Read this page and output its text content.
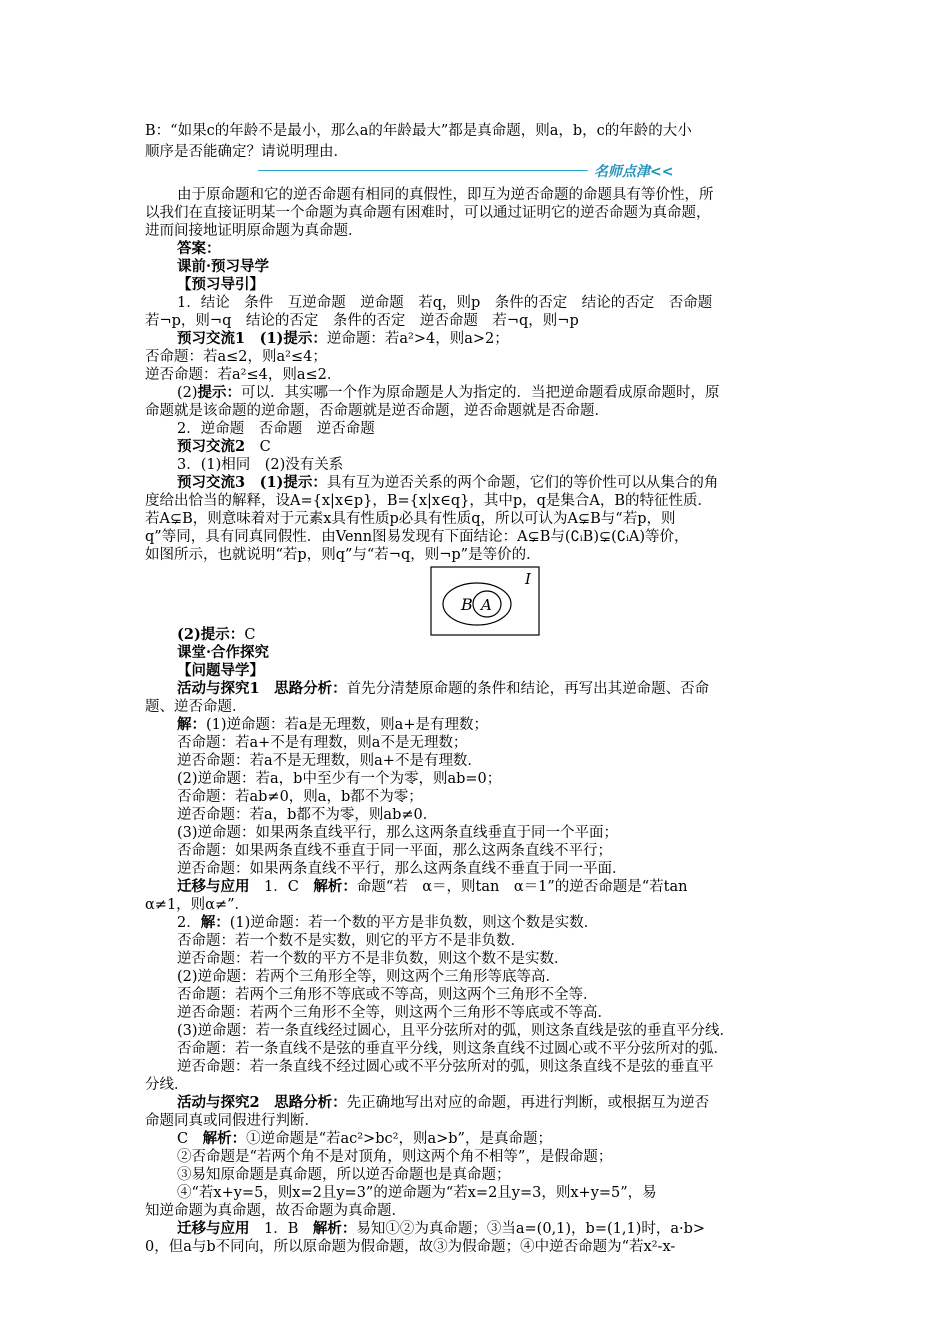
B：“如果c的年龄不是最小，那么a的年龄最大”都是真命题，则a，b，c的年龄的大小
顺序是否能确定？请说明理由．
名师点津<<
由于原命题和它的逆否命题有相同的真假性，即互为逆否命题的命题具有等价性，所
以我们在直接证明某一个命题为真命题有困难时，可以通过证明它的逆否命题为真命题，
进而间接地证明原命题为真命题．
答案：
课前·预习导学
【预习导引】
1．结论　条件　互逆命题　逆命题　若q，则p　条件的否定　结论的否定　否命题
若¬p，则¬q　结论的否定　条件的否定　逆否命题　若¬q，则¬p
预习交流1　(1)提示：逆命题：若a²>4，则a>2；
否命题：若a≤2，则a²≤4；
逆否命题：若a²≤4，则a≤2．
(2)提示：可以．其实哪一个作为原命题是人为指定的．当把逆命题看成原命题时，原
命题就是该命题的逆命题，否命题就是逆否命题，逆否命题就是否命题．
2．逆命题　否命题　逆否命题
预习交流2　C
3．(1)相同　(2)没有关系
预习交流3　(1)提示：具有互为逆否关系的两个命题，它们的等价性可以从集合的角
度给出恰当的解释，设A={x|x∈p}，B={x|x∈q}，其中p，q是集合A，B的特征性质．
若A⊊B，则意味着对于元素x具有性质p必具有性质q，所以可认为A⊊B与“若p，则
q”等同，具有同真同假性．由Venn图易发现有下面结论：A⊊B与(∁ᵢB)⊊(∁ᵢA)等价，
如图所示，也就说明“若p，则q”与“若¬q，则¬p”是等价的．
B A
I
(2)提示：C
课堂·合作探究
【问题导学】
活动与探究1　思路分析：首先分清楚原命题的条件和结论，再写出其逆命题、否命
题、逆否命题．
解：(1)逆命题：若a是无理数，则a+是有理数；
否命题：若a+不是有理数，则a不是无理数；
逆否命题：若a不是无理数，则a+不是有理数．
(2)逆命题：若a，b中至少有一个为零，则ab=0；
否命题：若ab≠0，则a，b都不为零；
逆否命题：若a，b都不为零，则ab≠0．
(3)逆命题：如果两条直线平行，那么这两条直线垂直于同一个平面；
否命题：如果两条直线不垂直于同一平面，那么这两条直线不平行；
逆否命题：如果两条直线不平行，那么这两条直线不垂直于同一平面．
迁移与应用　1．C　解析：命题“若　α＝，则tan　α＝1”的逆否命题是“若tan
α≠1，则α≠”．
2．解：(1)逆命题：若一个数的平方是非负数，则这个数是实数．
否命题：若一个数不是实数，则它的平方不是非负数．
逆否命题：若一个数的平方不是非负数，则这个数不是实数．
(2)逆命题：若两个三角形全等，则这两个三角形等底等高．
否命题：若两个三角形不等底或不等高，则这两个三角形不全等．
逆否命题：若两个三角形不全等，则这两个三角形不等底或不等高．
(3)逆命题：若一条直线经过圆心，且平分弦所对的弧，则这条直线是弦的垂直平分线．
否命题：若一条直线不是弦的垂直平分线，则这条直线不过圆心或不平分弦所对的弧．
逆否命题：若一条直线不经过圆心或不平分弦所对的弧，则这条直线不是弦的垂直平
分线．
活动与探究2　思路分析：先正确地写出对应的命题，再进行判断，或根据互为逆否
命题同真或同假进行判断．
C　解析：①逆命题是“若ac²>bc²，则a>b”，是真命题；
②否命题是“若两个角不是对顶角，则这两个角不相等”，是假命题；
③易知原命题是真命题，所以逆否命题也是真命题；
④“若x+y=5，则x=2且y=3”的逆命题为“若x=2且y=3，则x+y=5”，易
知逆命题为真命题，故否命题为真命题．
迁移与应用　1．B　解析：易知①②为真命题；③当a=(0,1)，b=(1,1)时，a·b>
0，但a与b不同向，所以原命题为假命题，故③为假命题；④中逆否命题为“若x²-x-
